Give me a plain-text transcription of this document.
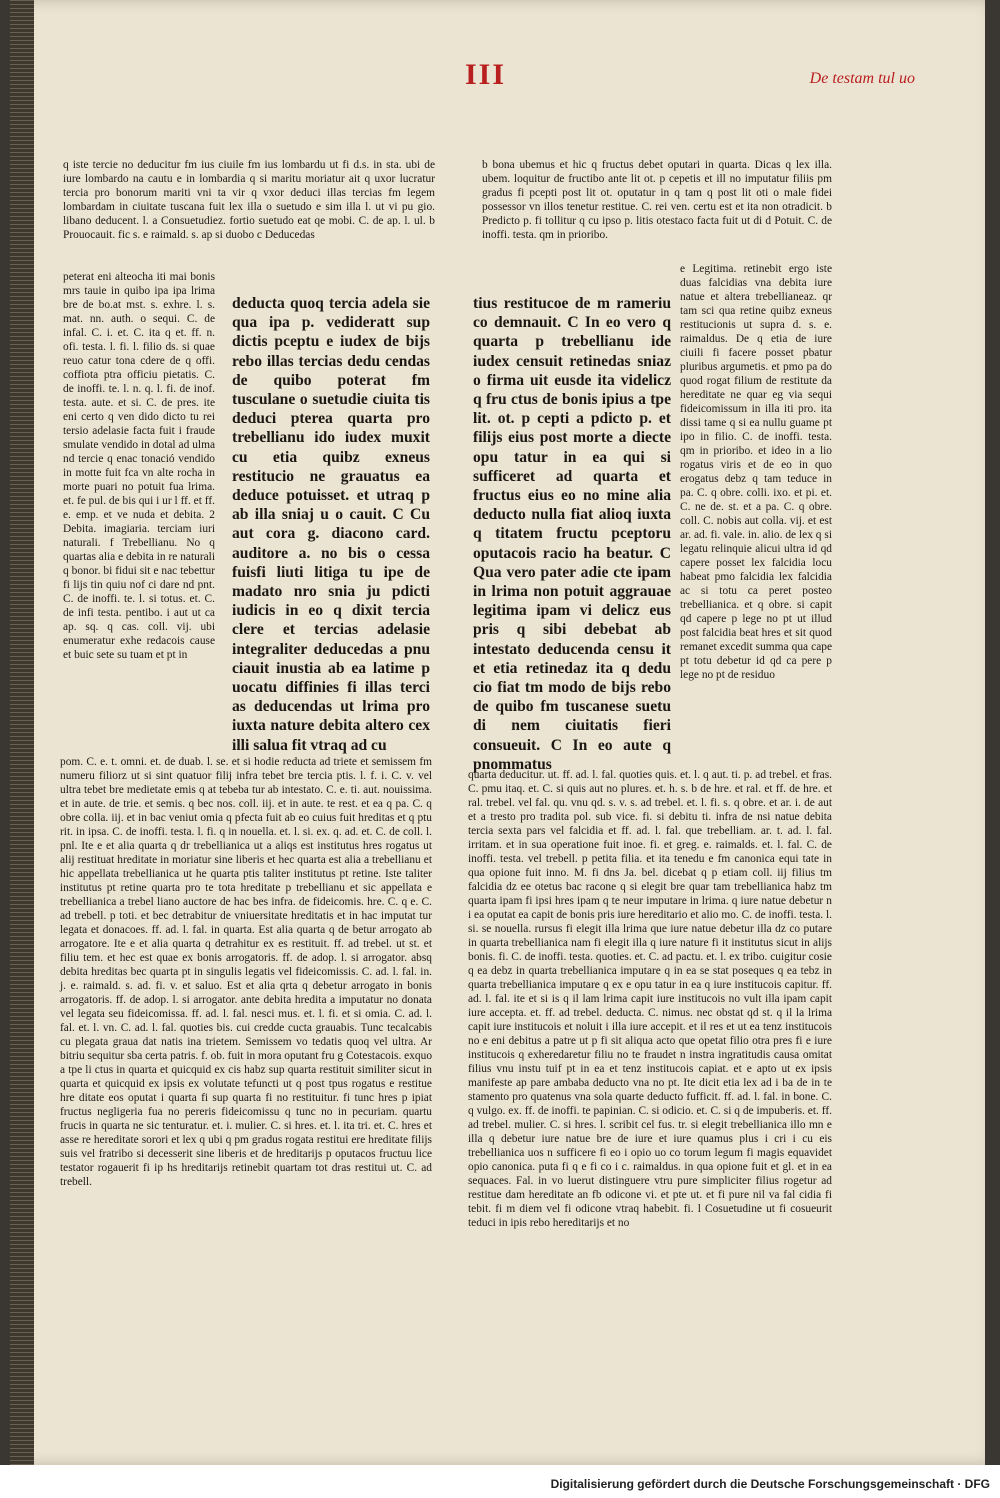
III	De testam tul uo

q iste tercie no deducitur fm ius ciuile fm ius lombardu ut fi d.s. in sta. ubi de iure lombardo na cautu e in lombardia q si maritu moriatur ait q uxor lucratur tercia pro bonorum mariti vni ta vir q vxor deduci illas tercias fm legem lombardam in ciuitate tuscana fuit lex illa o suetudo e sim illa l. ut vi pu gio. libano deducent. l. a Consuetudiez. fortio suetudo eat qe mobi. C. de ap. l. ul. b Prouocauit. fic s. e raimald. s. ap si duobo c Deducedas

peterat eni alteocha iti mai bonis mrs tauie in quibo ipa ipa lrima bre de bo.at mst. s. exhre. l. s. mat. nn. auth. o sequi. C. de infal. C. i. et. C. ita q et. ff. n. ofi. testa. l. fi. l. filio ds. si quae reuo catur tona cdere de q offi. coffiota ptra officiu pietatis. C. de inoffi. te. l. n. q. l. fi. de inof. testa. aute. et si. C. de pres. ite eni certo q ven dido dicto tu rei tersio adelasie facta fuit i fraude smulate vendido in dotal ad ulma nd tercie q enac tonació vendido in motte fuit fca vn alte rocha in morte puari no potuit fua lrima. et. fe pul. de bis qui i ur l ff. et ff. e. emp. et ve nuda et debita. 2 Debita. imagiaria. terciam iuri naturali. f Trebellianu. No q quartas alia e debita in re naturali q bonor. bi fidui sit e nac tebettur fi lijs tin quiu nof ci dare nd pnt. C. de inoffi. te. l. si totus. et. C. de infi testa. pentibo. i aut ut ca ap. sq. q cas. coll. vij. ubi enumeratur exhe redacois cause et buic sete su tuam et pt in

deducta quoq tercia adela sie qua ipa p. vedideratt sup dictis pceptu e iudex de bijs rebo illas tercias dedu cendas de quibo poterat fm tusculane o suetudie ciuita tis deduci pterea quarta pro trebellianu ido iudex muxit cu etia quibz exneus restitucio ne grauatus ea deduce potuisset. et utraq p ab illa sniaj u o cauit. C Cu aut cora g. diacono card. auditore a. no bis o cessa fuisfi liuti litiga tu ipe de madato nro snia ju pdicti iudicis in eo q dixit tercia clere et tercias adelasie integraliter deducedas a pnu ciauit inustia ab ea latime p uocatu diffinies fi illas terci as deducendas ut lrima pro iuxta nature debita altero cex illi salua fit vtraq ad cu

b bona ubemus et hic q fructus debet oputari in quarta. Dicas q lex illa. ubem. loquitur de fructibo ante lit ot. p cepetis et ill no imputatur filiis pm gradus fi pcepti post lit ot. oputatur in q tam q post lit oti o male fidei possessor vn illos tenetur restitue. C. rei ven. certu est et ita non otradicit. b Predicto p. fi tollitur q cu ipso p. litis otestaco facta fuit ut di d Potuit. C. de inoffi. testa. qm in prioribo.

tius restitucoe de m rameriu co demnauit. C In eo vero q quarta p trebellianu ide iudex censuit retinedas sniaz o firma uit eusde ita videlicz q fru ctus de bonis ipius a tpe lit. ot. p cepti a pdicto p. et filijs eius post morte a diecte opu tatur in ea qui si sufficeret ad quarta et fructus eius eo no mine alia deducto nulla fiat alioq iuxta q titatem fructu pceptoru oputacois racio ha beatur. C Qua vero pater adie cte ipam in lrima non potuit aggrauae legitima ipam vi delicz eus pris q sibi debebat ab intestato deducenda censu it et etia retinedaz ita q dedu cio fiat tm modo de bijs rebo de quibo fm tuscanese suetu di nem ciuitatis fieri consueuit. C In eo aute q pnommatus

e Legitima. retinebit ergo iste duas falcidias vna debita iure natue et altera trebellianeaz. qr tam sci qua retine quibz exneus restitucionis ut supra d. s. e. raimaldus. De q etia de iure ciuili fi facere posset pbatur pluribus argumetis. et pmo pa do quod rogat filium de restitute da hereditate ne quar eg via sequi fideicomissum in illa iti pro. ita dissi tame q si ea nullu guame pt ipo in filio. C. de inoffi. testa. qm in prioribo. et ideo in a lio rogatus viris et de eo in quo erogatus debz q tam teduce in pa. C. q obre. colli. ixo. et pi. et. C. ne de. st. et a pa. C. q obre. coll. C. nobis aut colla. vij. et est ar. ad. fi. vale. in. alio. de lex q si legatu relinquie alicui ultra id qd capere posset lex falcidia locu habeat pmo falcidia lex falcidia ac si totu ca peret posteo trebellianica. et q obre. si capit qd capere p lege no pt ut illud post falcidia beat hres et sit quod remanet excedit summa qua cape pt totu debetur id qd ca pere p lege no pt de residuo

pom. C. e. t. omni. et. de duab. l. se. et si hodie reducta ad triete et semissem fm numeru filiorz ut si sint quatuor filij infra tebet bre tercia ptis. l. f. i. C. v. vel ultra tebet bre medietate emis q at tebeba tur ab intestato. C. e. ti. aut. nouissima. et in aute. de trie. et semis. q bec nos. coll. iij. et in aute. te rest. et ea q pa. C. q obre colla. iij. et in bac veniut omia q pfecta fuit ab eo cuius fuit hreditas et q ptu rit. in ipsa. C. de inoffi. testa. l. fi. q in nouella. et. l. si. ex. q. ad. et. C. de coll. l. pnl. Ite e et alia quarta q dr trebellianica ut a aliqs est institutus hres rogatus ut alij restituat hreditate in moriatur sine liberis et hec quarta est alia a trebellianu et hic appellata trebellianica ut he quarta ptis taliter institutus pt retine. Iste taliter institutus pt retine quarta pro te tota hreditate p trebellianu et sic appellata e trebellianica a trebel liano auctore de hac bes infra. de fideicomis. hre. C. q e. C. ad trebell. p toti. et bec detrabitur de vniuersitate hreditatis et in hac imputat tur legata et donacoes. ff. ad. l. fal. in quarta. Est alia quarta q de betur arrogato ab arrogatore. Ite e et alia quarta q detrahitur ex es restituit. ff. ad trebel. ut st. et filiu tem. et hec est quae ex bonis arrogatoris. ff. de adop. l. si arrogator. absq debita hreditas bec quarta pt in singulis legatis vel fideicomissis. C. ad. l. fal. in. j. e. raimald. s. ad. fi. v. et saluo. Est et alia qrta q debetur arrogato in bonis arrogatoris. ff. de adop. l. si arrogator. ante debita hredita a imputatur no donata vel legata seu fideicomissa. ff. ad. l. fal. nesci mus. et. l. fi. et si omia. C. ad. l. fal. et. l. vn. C. ad. l. fal. quoties bis. cui credde cucta grauabis. Tunc tecalcabis cu plegata graua dat natis ina trietem. Semissem vo tedatis quoq vel ultra. Ar bitriu sequitur sba certa patris. f. ob. fuit in mora oputant fru g Cotestacois. exquo a tpe li ctus in quarta et quicquid ex cis habz sup quarta restituit similiter sicut in quarta et quicquid ex ipsis ex volutate tefuncti ut q post tpus rogatus e restitue hre ditate eos oputat i quarta fi sup quarta fi no restituitur. fi tunc hres p ipiat fructus negligeria fua no pereris fideicomissu q tunc no in pecuriam. quartu frucis in quarta ne sic tenturatur. et. i. mulier. C. si hres. et. l. ita tri. et. C. hres et asse re hereditate sorori et lex q ubi q pm gradus rogata restitui ere hreditate filijs suis vel fratribo si decesserit sine liberis et de hreditarijs p oputacos fructuu lice testator rogauerit fi ip hs hreditarijs retinebit quartam tot dras restitui ut. C. ad trebell.

quarta deducitur. ut. ff. ad. l. fal. quoties quis. et. l. q aut. ti. p. ad trebel. et fras. C. pmu itaq. et. C. si quis aut no plures. et. h. s. b de hre. et ral. et ff. de hre. et ral. trebel. vel fal. qu. vnu qd. s. v. s. ad trebel. et. l. fi. s. q obre. et ar. i. de aut et a tresto pro tradita pol. sub vice. fi. si debitu ti. infra de nsi natue debita tercia sexta pars vel falcidia et ff. ad. l. fal. que trebelliam. ar. t. ad. l. fal. irritam. et in sua operatione fuit inoe. fi. et greg. e. raimalds. et. l. fal. C. de inoffi. testa. vel trebell. p petita filia. et ita tenedu e fm canonica equi tate in qua opione fuit inno. M. fi dns Ja. bel. dicebat q p etiam coll. iij filius tm falcidia dz ee otetus bac racone q si elegit bre quar tam trebellianica habz tm quarta ipam fi ipsi hres ipam q te neur imputare in lrima. q iure natue debetur n i ea oputat ea capit de bonis pris iure hereditario et alio mo. C. de inoffi. testa. l. si. se nouella. rursus fi elegit illa lrima que iure natue debetur illa dz co putare in quarta trebellianica nam fi elegit illa q iure nature fi it institutus sicut in alijs bonis. fi. C. de inoffi. testa. quoties. et. C. ad pactu. et. l. ex tribo. cuigitur cosie q ea debz in quarta trebellianica imputare q in ea se stat poseques q ea tebz in quarta trebellianica imputare q ex e opu tatur in ea q iure institucois capitur. ff. ad. l. fal. ite et si is q il lam lrima capit iure institucois no vult illa ipam capit iure accepta. et. ff. ad trebel. deducta. C. nimus. nec obstat qd st. q il la lrima capit iure institucois et noluit i illa iure accepit. et il res et ut ea tenz institucois no e eni debitus a patre ut p fi sit aliqua acto que opetat filio otra pres fi e iure institucois q exheredaretur filiu no te fraudet n instra ingratitudis causa omitat filius vnu instu tuif pt in ea et tenz institucois capiat. et e apto ut ex ipsis manifeste ap pare ambaba deducto vna no pt. Ite dicit etia lex ad i ba de in te stamento pro quatenus vna sola quarte deducto fufficit. ff. ad. l. fal. in bone. C. q vulgo. ex. ff. de inoffi. te papinian. C. si odicio. et. C. si q de impuberis. et. ff. ad trebel. mulier. C. si hres. l. scribit cel fus. tr. si elegit trebellianica illo mn e illa q debetur iure natue bre de iure et iure quamus plus i cri i cu eis trebellianica uos n sufficere fi eo i opio uo co torum legum fi magis equavidet opio canonica. puta fi q e fi co i c. raimaldus. in qua opione fuit et gl. et in ea sequaces. Fal. in vo luerut distinguere vtru pure simpliciter filius rogetur ad restitue dam hereditate an fb odicone vi. et pte ut. et fi pure nil va fal cidia fi tebit. fi m diem vel fi odicone vtraq habebit. fi. l Cosuetudine ut fi cosueurit teduci in ipis rebo hereditarijs et no

Digitalisierung gefördert durch die Deutsche Forschungsgemeinschaft · DFG
